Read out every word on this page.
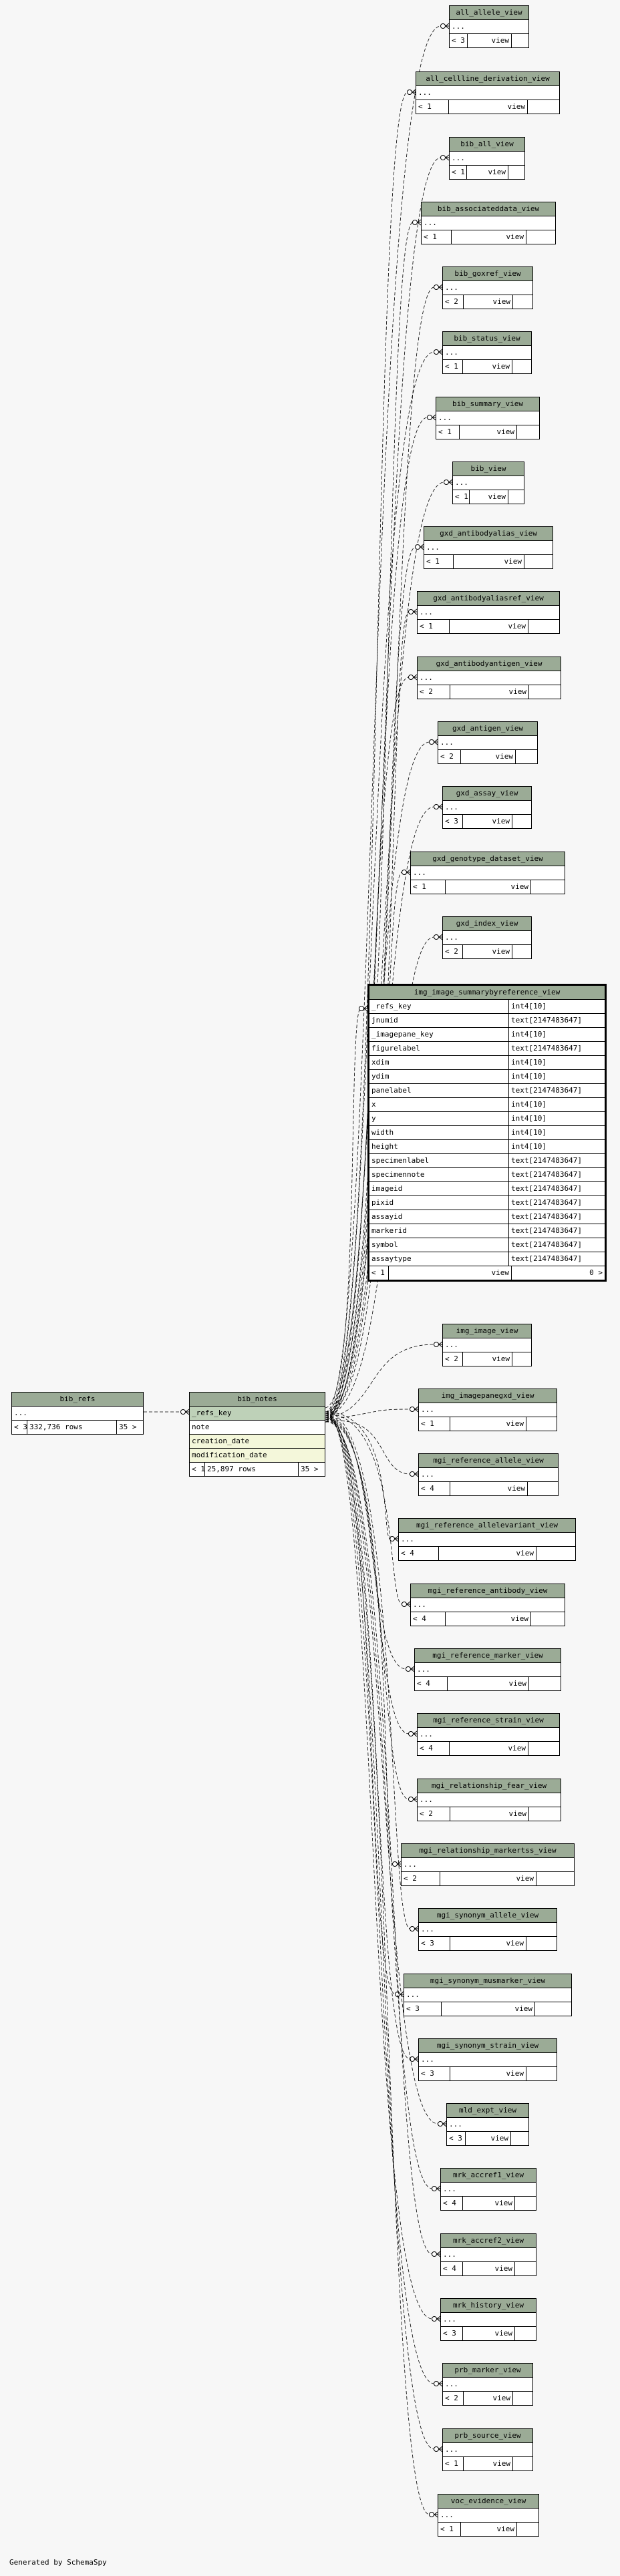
bib_refs
...
< 3 332,736 rows	35 >
bib_notes
_refs_key
note
creation_date
modification_date
< 1 25,897 rows	35 >
img_image_summarybyreference_view
_refs_key	int4[10]
jnumid	text[2147483647]
_imagepane_key	int4[10]
figurelabel	text[2147483647]
xdim	int4[10]
ydim	int4[10]
panelabel	text[2147483647]
x	int4[10]
y	int4[10]
width	int4[10]
height	int4[10]
specimenlabel	text[2147483647]
specimennote	text[2147483647]
imageid	text[2147483647]
pixid	text[2147483647]
assayid	text[2147483647]
markerid	text[2147483647]
symbol	text[2147483647]
assaytype	text[2147483647]
< 1	view	0 >
all_allele_view
...
< 3	view
all_cellline_derivation_view
...
< 1	view
bib_all_view
...
< 1	view
bib_associateddata_view
...
< 1	view
bib_goxref_view
...
< 2	view
bib_status_view
...
< 1	view
bib_summary_view
...
< 1	view
bib_view
...
< 1	view
gxd_antibodyalias_view
...
< 1	view
gxd_antibodyaliasref_view
...
< 1	view
gxd_antibodyantigen_view
...
< 2	view
gxd_antigen_view
...
< 2	view
gxd_assay_view
...
< 3	view
gxd_genotype_dataset_view
...
< 1	view
gxd_index_view
...
< 2	view
img_image_view
...
< 2	view
img_imagepanegxd_view
...
< 1	view
mgi_reference_allele_view
...
< 4	view
mgi_reference_allelevariant_view
...
< 4	view
mgi_reference_antibody_view
...
< 4	view
mgi_reference_marker_view
...
< 4	view
mgi_reference_strain_view
...
< 4	view
mgi_relationship_fear_view
...
< 2	view
mgi_relationship_markertss_view
...
< 2	view
mgi_synonym_allele_view
...
< 3	view
mgi_synonym_musmarker_view
...
< 3	view
mgi_synonym_strain_view
...
< 3	view
mld_expt_view
...
< 3	view
mrk_accref1_view
...
< 4	view
mrk_accref2_view
...
< 4	view
mrk_history_view
...
< 3	view
prb_marker_view
...
< 2	view
prb_source_view
...
< 1	view
voc_evidence_view
...
< 1	view
Generated by SchemaSpy
